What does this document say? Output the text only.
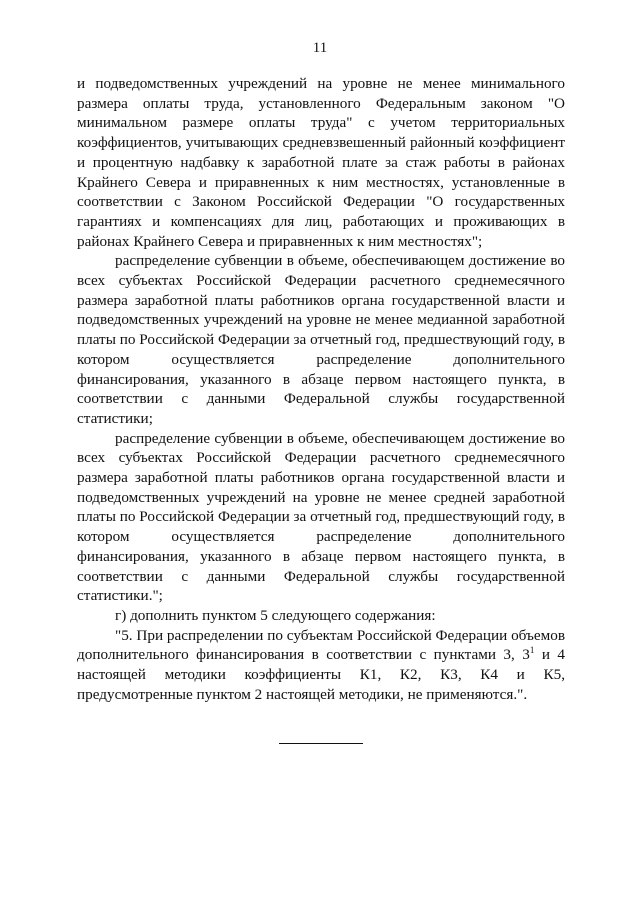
11

и подведомственных учреждений на уровне не менее минимального размера оплаты труда, установленного Федеральным законом "О минимальном размере оплаты труда" с учетом территориальных коэффициентов, учитывающих средневзвешенный районный коэффициент и процентную надбавку к заработной плате за стаж работы в районах Крайнего Севера и приравненных к ним местностях, установленные в соответствии с Законом Российской Федерации "О государственных гарантиях и компенсациях для лиц, работающих и проживающих в районах Крайнего Севера и приравненных к ним местностях";

распределение субвенции в объеме, обеспечивающем достижение во всех субъектах Российской Федерации расчетного среднемесячного размера заработной платы работников органа государственной власти и подведомственных учреждений на уровне не менее медианной заработной платы по Российской Федерации за отчетный год, предшествующий году, в котором осуществляется распределение дополнительного финансирования, указанного в абзаце первом настоящего пункта, в соответствии с данными Федеральной службы государственной статистики;

распределение субвенции в объеме, обеспечивающем достижение во всех субъектах Российской Федерации расчетного среднемесячного размера заработной платы работников органа государственной власти и подведомственных учреждений на уровне не менее средней заработной платы по Российской Федерации за отчетный год, предшествующий году, в котором осуществляется распределение дополнительного финансирования, указанного в абзаце первом настоящего пункта, в соответствии с данными Федеральной службы государственной статистики.";

г) дополнить пунктом 5 следующего содержания:

"5. При распределении по субъектам Российской Федерации объемов дополнительного финансирования в соответствии с пунктами 3, $3^1$ и 4 настоящей методики коэффициенты К1, К2, К3, К4 и К5, предусмотренные пунктом 2 настоящей методики, не применяются.".
